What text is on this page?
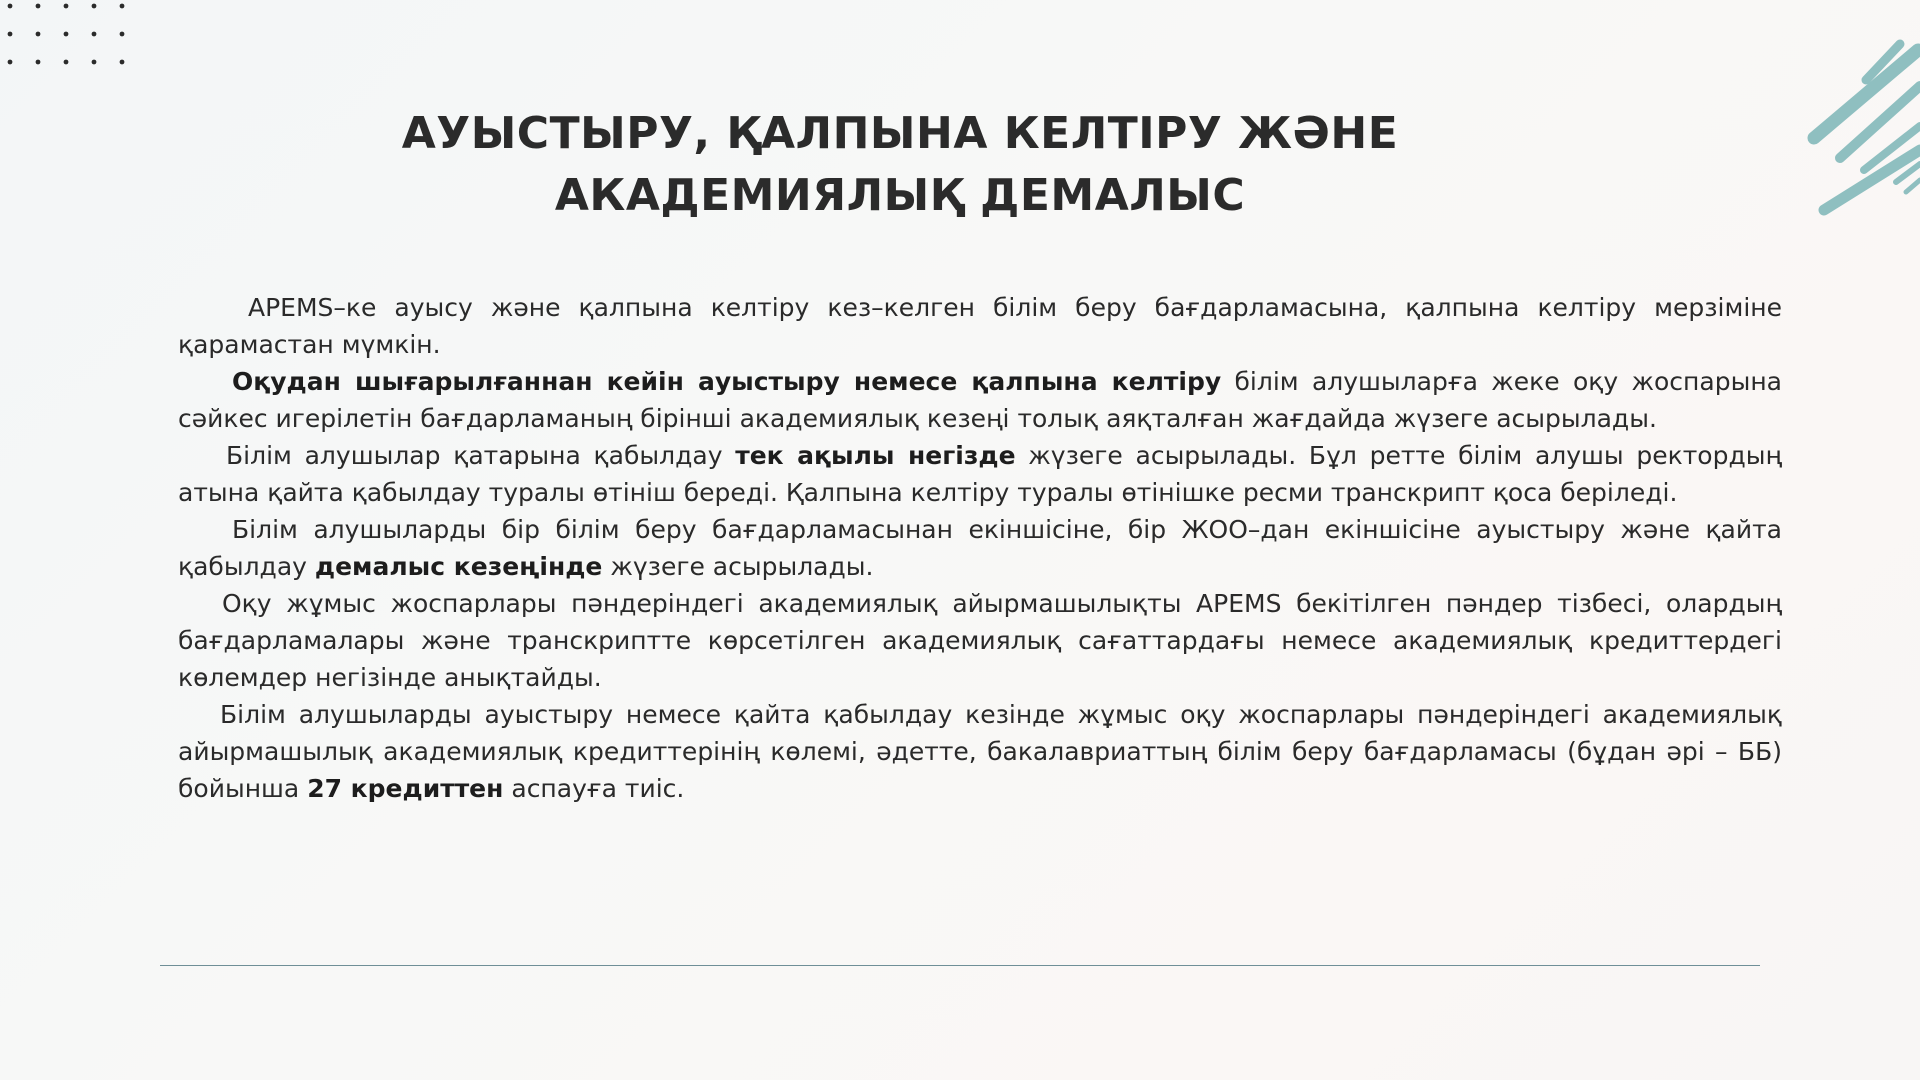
АУЫСТЫРУ, ҚАЛПЫНА КЕЛТІРУ ЖӘНЕ
АКАДЕМИЯЛЫҚ ДЕМАЛЫС

APEMS–ке ауысу және қалпына келтіру кез–келген білім беру бағдарламасына, қалпына келтіру мерзіміне қарамастан мүмкін.

Оқудан шығарылғаннан кейін ауыстыру немесе қалпына келтіру білім алушыларға жеке оқу жоспарына сәйкес игерілетін бағдарламаның бірінші академиялық кезеңі толық аяқталған жағдайда жүзеге асырылады.

Білім алушылар қатарына қабылдау тек ақылы негізде жүзеге асырылады. Бұл ретте білім алушы ректордың атына қайта қабылдау туралы өтініш береді. Қалпына келтіру туралы өтінішке ресми транскрипт қоса беріледі.

Білім алушыларды бір білім беру бағдарламасынан екіншісіне, бір ЖОО–дан екіншісіне ауыстыру және қайта қабылдау демалыс кезеңінде жүзеге асырылады.

Оқу жұмыс жоспарлары пәндеріндегі академиялық айырмашылықты APEMS бекітілген пәндер тізбесі, олардың бағдарламалары және транскриптте көрсетілген академиялық сағаттардағы немесе академиялық кредиттердегі көлемдер негізінде анықтайды.

Білім алушыларды ауыстыру немесе қайта қабылдау кезінде жұмыс оқу жоспарлары пәндеріндегі академиялық айырмашылық академиялық кредиттерінің көлемі, әдетте, бакалавриаттың білім беру бағдарламасы (бұдан әрі – ББ) бойынша 27 кредиттен аспауға тиіс.
